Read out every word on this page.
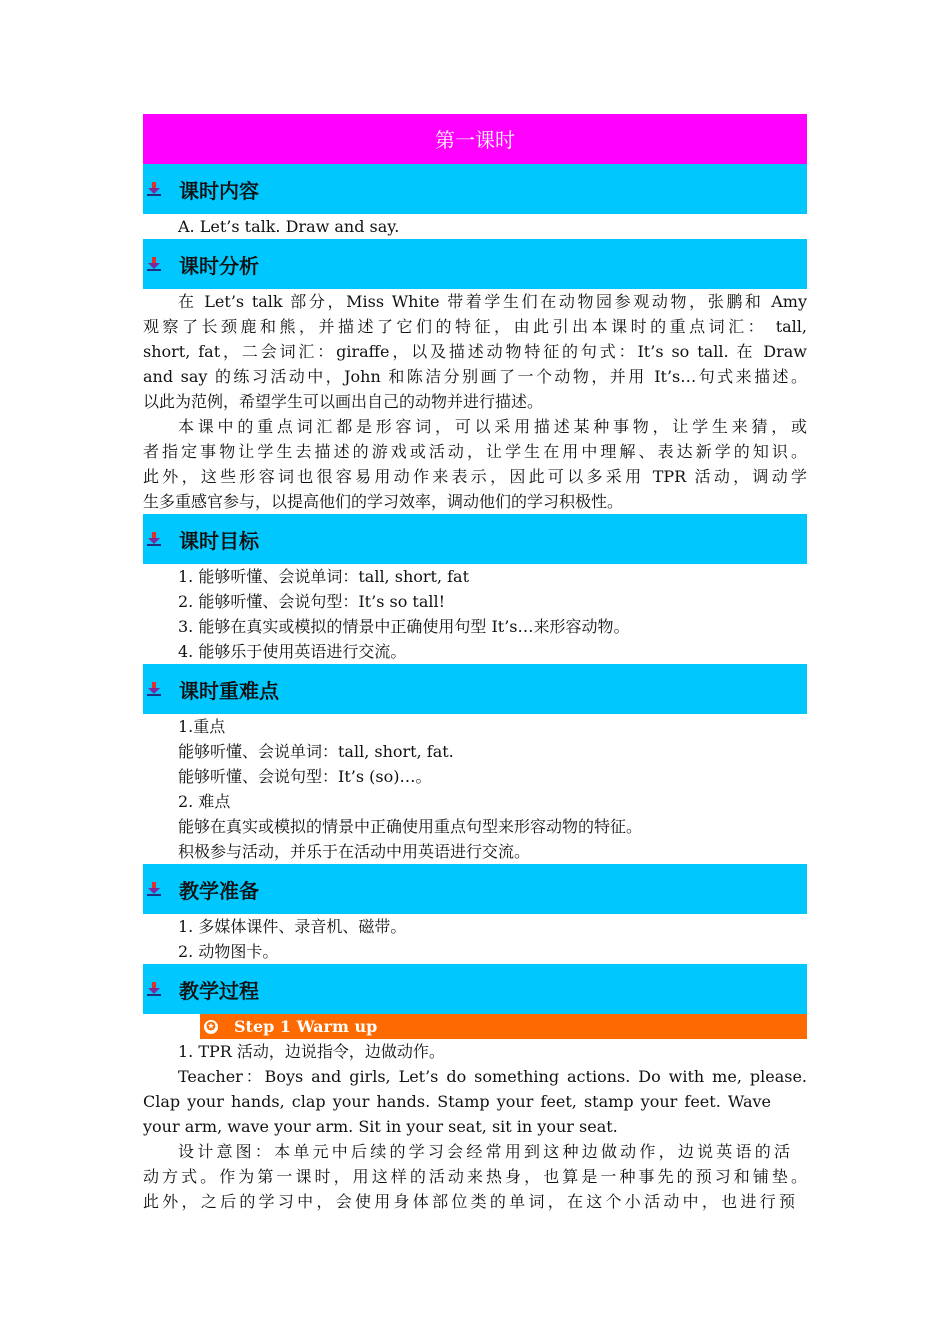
第一课时
课时内容
A. Let’s talk. Draw and say.
课时分析
在 Let’s talk 部分，Miss White 带着学生们在动物园参观动物，张鹏和 Amy
观察了长颈鹿和熊，并描述了它们的特征，由此引出本课时的重点词汇： tall,
short, fat，二会词汇：giraffe，以及描述动物特征的句式：It’s so tall. 在 Draw
and say 的练习活动中，John 和陈洁分别画了一个动物，并用 It’s…句式来描述。
以此为范例，希望学生可以画出自己的动物并进行描述。
本课中的重点词汇都是形容词，可以采用描述某种事物，让学生来猜，或
者指定事物让学生去描述的游戏或活动，让学生在用中理解、表达新学的知识。
此外，这些形容词也很容易用动作来表示，因此可以多采用 TPR 活动，调动学
生多重感官参与，以提高他们的学习效率，调动他们的学习积极性。
课时目标
1. 能够听懂、会说单词：tall, short, fat
2. 能够听懂、会说句型：It’s so tall!
3. 能够在真实或模拟的情景中正确使用句型 It’s…来形容动物。
4. 能够乐于使用英语进行交流。
课时重难点
1.重点
能够听懂、会说单词：tall, short, fat.
能够听懂、会说句型：It’s (so)…。
2. 难点
能够在真实或模拟的情景中正确使用重点句型来形容动物的特征。
积极参与活动，并乐于在活动中用英语进行交流。
教学准备
1. 多媒体课件、录音机、磁带。
2. 动物图卡。
教学过程
✪ Step 1 Warm up
1. TPR 活动，边说指令，边做动作。
Teacher：Boys and girls, Let’s do something actions. Do with me, please.
Clap your hands, clap your hands. Stamp your feet, stamp your feet. Wave
your arm, wave your arm. Sit in your seat, sit in your seat.
设计意图：本单元中后续的学习会经常用到这种边做动作，边说英语的活
动方式。作为第一课时，用这样的活动来热身，也算是一种事先的预习和铺垫。
此外，之后的学习中，会使用身体部位类的单词，在这个小活动中，也进行预
